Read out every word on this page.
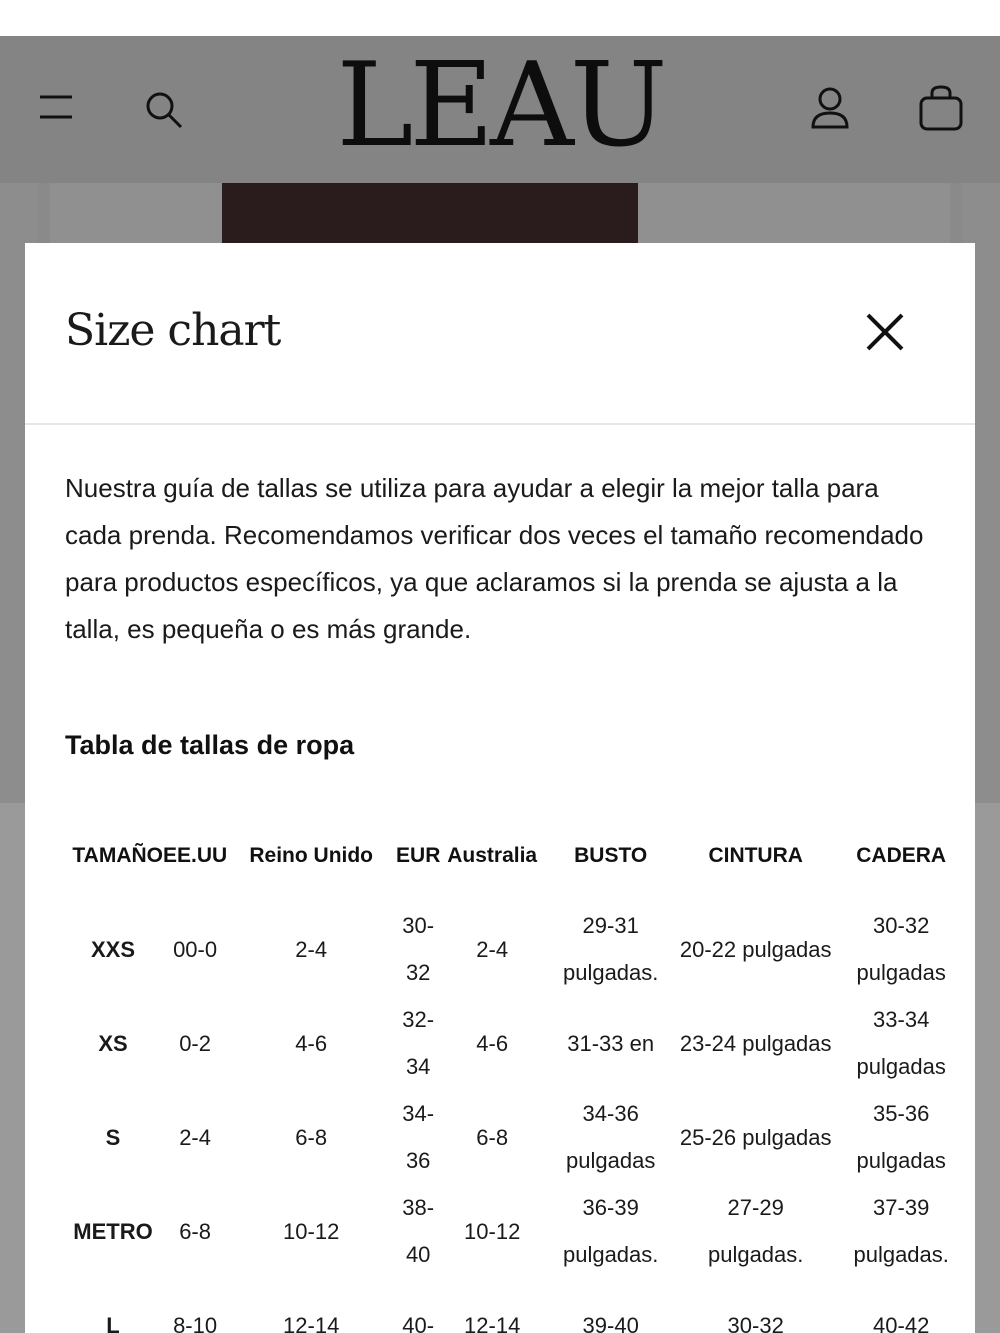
LEAU
Size chart

Nuestra guía de tallas se utiliza para ayudar a elegir la mejor talla para cada prenda. Recomendamos verificar dos veces el tamaño recomendado para productos específicos, ya que aclaramos si la prenda se ajusta a la talla, es pequeña o es más grande.

Tabla de tallas de ropa
TAMAÑO	EE.UU	Reino Unido	EUR	Australia	BUSTO	CINTURA	CADERA
XXS	00-0	2-4	30-32	2-4	29-31 pulgadas.	20-22 pulgadas	30-32 pulgadas
XS	0-2	4-6	32-34	4-6	31-33 en	23-24 pulgadas	33-34 pulgadas
S	2-4	6-8	34-36	6-8	34-36 pulgadas	25-26 pulgadas	35-36 pulgadas
METRO	6-8	10-12	38-40	10-12	36-39 pulgadas.	27-29 pulgadas.	37-39 pulgadas.
L	8-10	12-14	40-	12-14	39-40	30-32	40-42
